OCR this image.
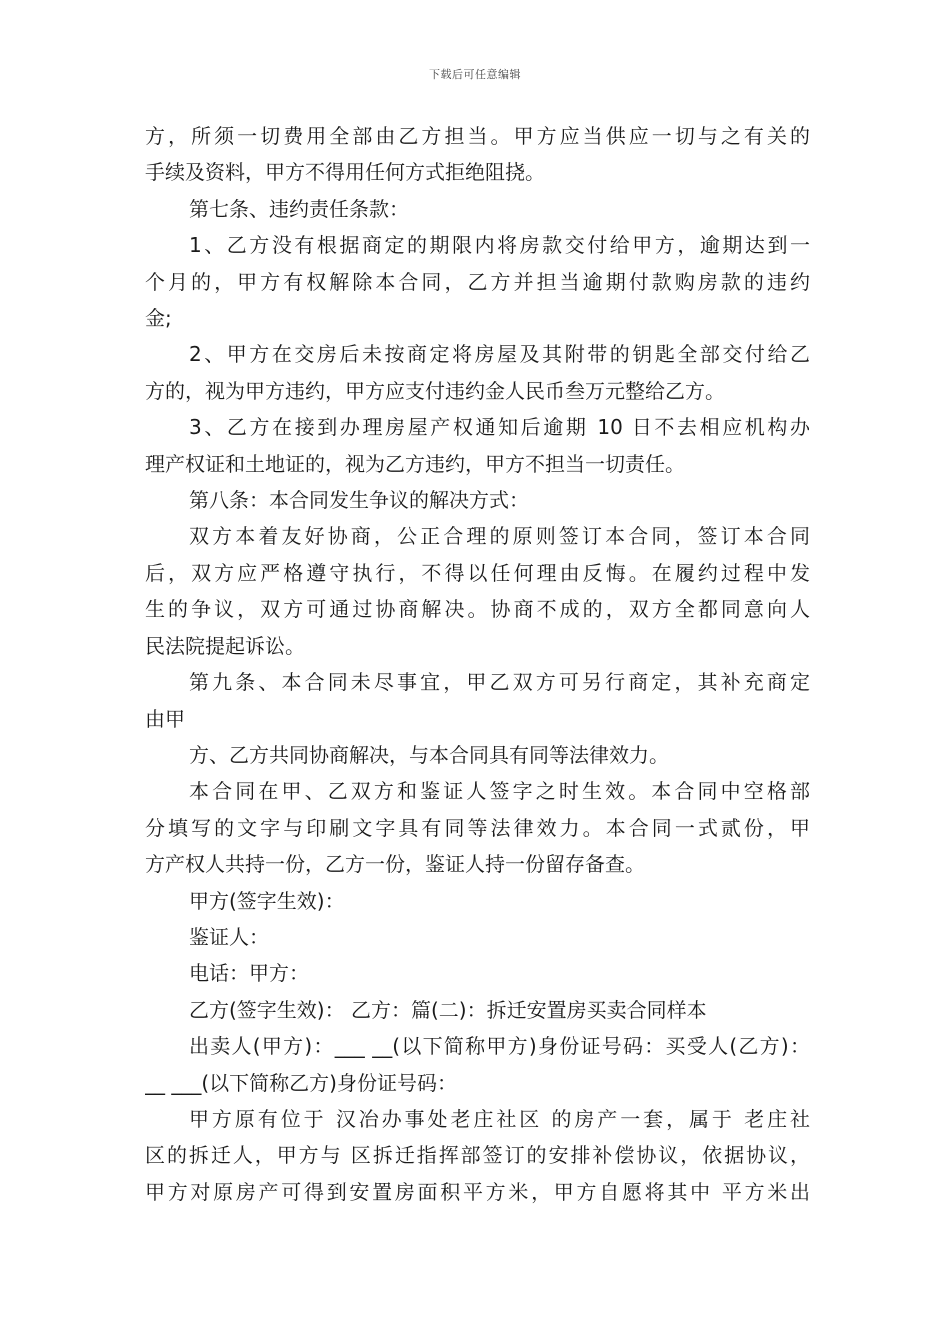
下载后可任意编辑

方，所须一切费用全部由乙方担当。甲方应当供应一切与之有关的

手续及资料，甲方不得用任何方式拒绝阻挠。

第七条、违约责任条款：

1、乙方没有根据商定的期限内将房款交付给甲方，逾期达到一

个月的，甲方有权解除本合同，乙方并担当逾期付款购房款的违约

金;

2、甲方在交房后未按商定将房屋及其附带的钥匙全部交付给乙

方的，视为甲方违约，甲方应支付违约金人民币叁万元整给乙方。

3、乙方在接到办理房屋产权通知后逾期 10 日不去相应机构办

理产权证和土地证的，视为乙方违约，甲方不担当一切责任。

第八条：本合同发生争议的解决方式：

双方本着友好协商，公正合理的原则签订本合同，签订本合同

后，双方应严格遵守执行，不得以任何理由反悔。在履约过程中发

生的争议，双方可通过协商解决。协商不成的，双方全都同意向人

民法院提起诉讼。

第九条、本合同未尽事宜，甲乙双方可另行商定，其补充商定

由甲

方、乙方共同协商解决，与本合同具有同等法律效力。

本合同在甲、乙双方和鉴证人签字之时生效。本合同中空格部

分填写的文字与印刷文字具有同等法律效力。本合同一式贰份，甲

方产权人共持一份，乙方一份，鉴证人持一份留存备查。

甲方(签字生效)：

鉴证人：

电话：甲方：

乙方(签字生效)： 乙方：篇(二)：拆迁安置房买卖合同样本

出卖人(甲方)：___ __(以下简称甲方)身份证号码：买受人(乙方)：

__ ___(以下简称乙方)身份证号码：

甲方原有位于 汉冶办事处老庄社区 的房产一套，属于 老庄社

区的拆迁人，甲方与 区拆迁指挥部签订的安排补偿协议，依据协议，

甲方对原房产可得到安置房面积平方米，甲方自愿将其中 平方米出
